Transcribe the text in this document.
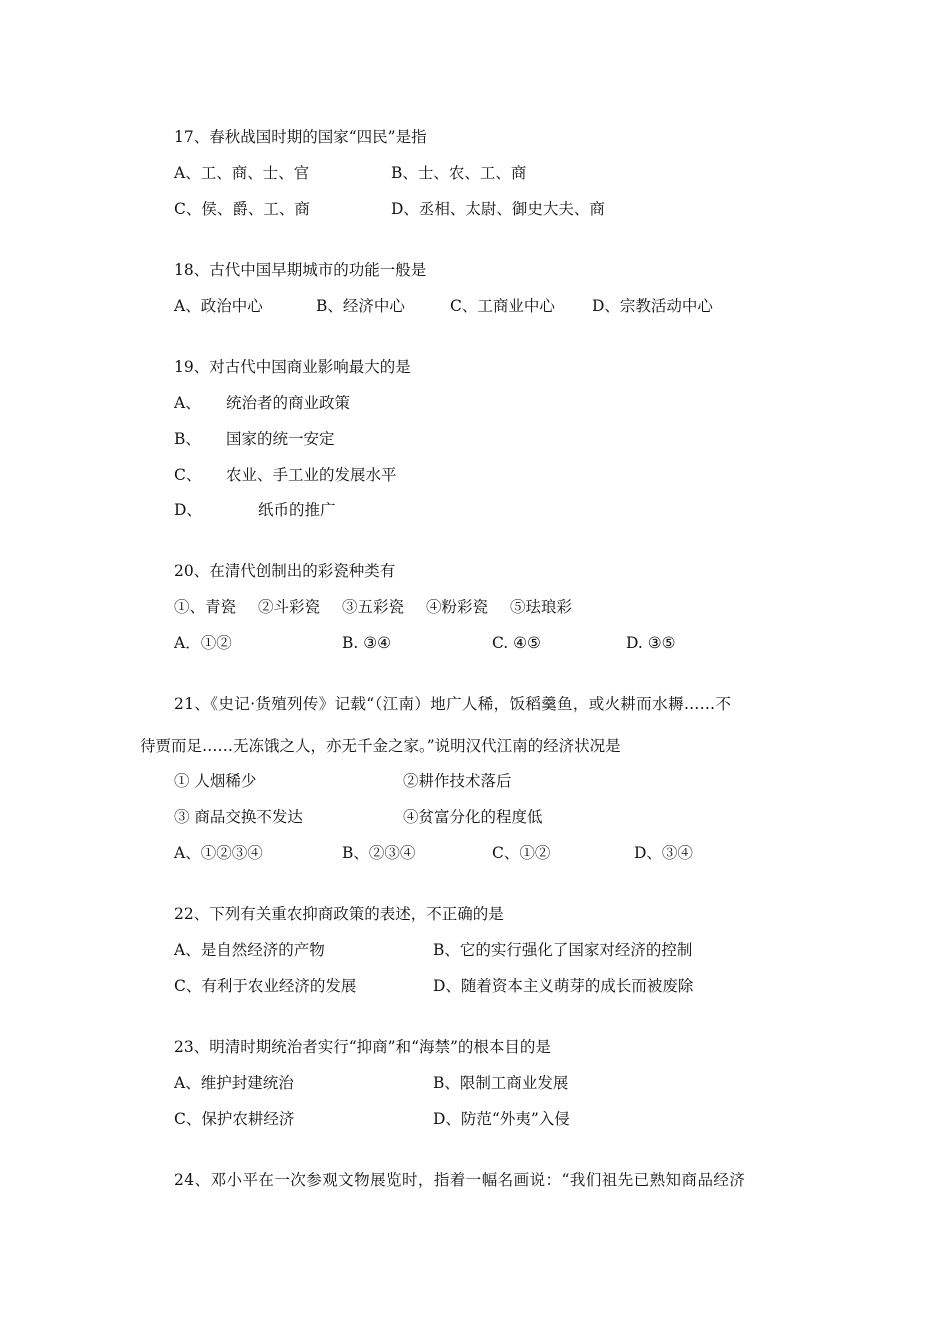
17、春秋战国时期的国家“四民”是指
A、工、商、士、官	B、士、农、工、商
C、侯、爵、工、商	D、丞相、太尉、御史大夫、商
18、古代中国早期城市的功能一般是
A、政治中心	B、经济中心	C、工商业中心 D、宗教活动中心
19、对古代中国商业影响最大的是
A、 统治者的商业政策
B、 国家的统一安定
C、 农业、手工业的发展水平
D、	纸币的推广
20、在清代创制出的彩瓷种类有
①、青瓷 ②斗彩瓷 ③五彩瓷 ④粉彩瓷 ⑤珐琅彩
A．①②	B. ③④	C. ④⑤	D. ③⑤
21、《史记·货殖列传》记载“（江南）地广人稀，饭稻羹鱼，或火耕而水耨……不
待贾而足……无冻饿之人，亦无千金之家。”说明汉代江南的经济状况是
① 人烟稀少	②耕作技术落后
③ 商品交换不发达	④贫富分化的程度低
A、①②③④	B、②③④	C、①②	D、③④
22、下列有关重农抑商政策的表述，不正确的是
A、是自然经济的产物	B、它的实行强化了国家对经济的控制
C、有利于农业经济的发展	D、随着资本主义萌芽的成长而被废除
23、明清时期统治者实行“抑商”和“海禁”的根本目的是
A、维护封建统治	B、限制工商业发展
C、保护农耕经济	D、防范“外夷”入侵
24、邓小平在一次参观文物展览时，指着一幅名画说：“我们祖先已熟知商品经济
